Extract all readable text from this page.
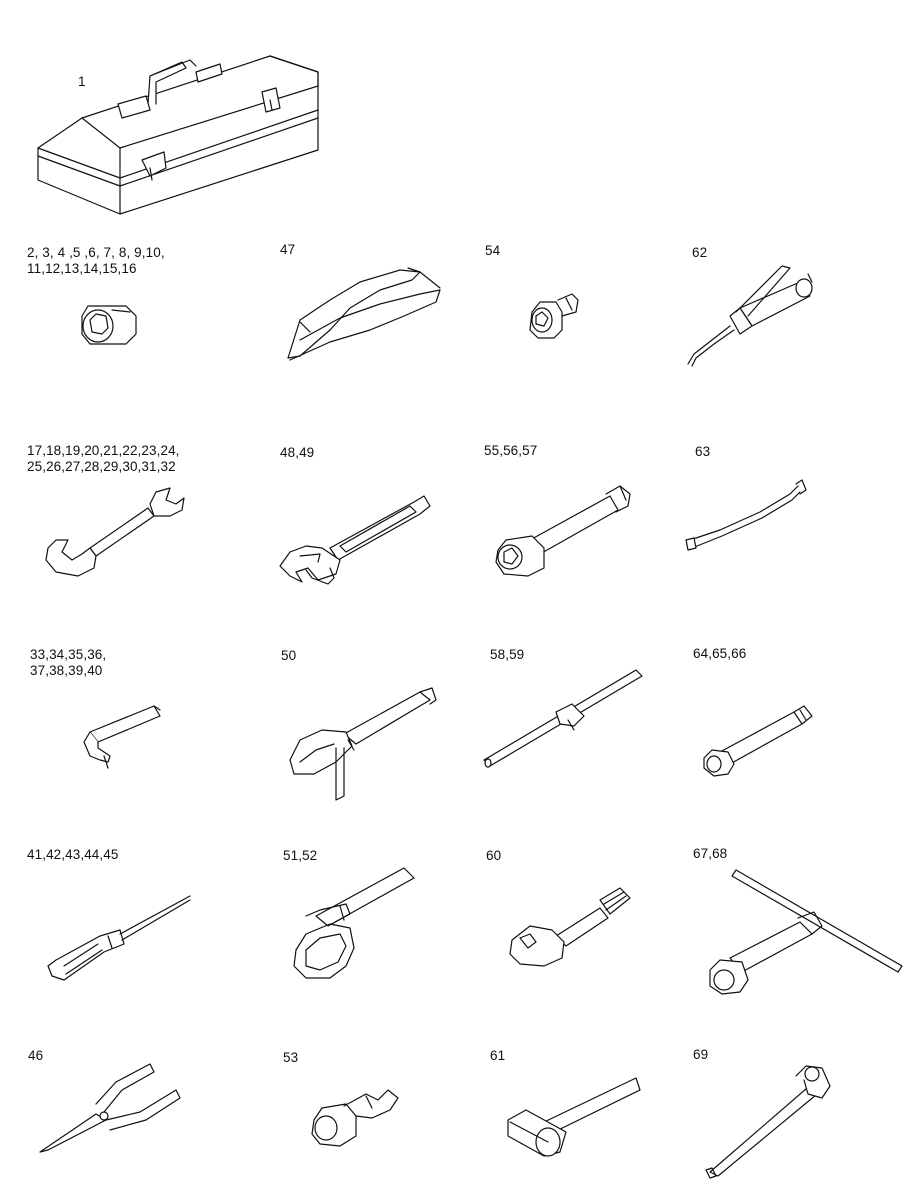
1
2, 3, 4 ,5 ,6, 7, 8, 9,10,
11,12,13,14,15,16
47	54	62
17,18,19,20,21,22,23,24,
25,26,27,28,29,30,31,32
48,49	55,56,57	63
33,34,35,36,
37,38,39,40
50	58,59	64,65,66
41,42,43,44,45	51,52	60	67,68
46	53	61	69
